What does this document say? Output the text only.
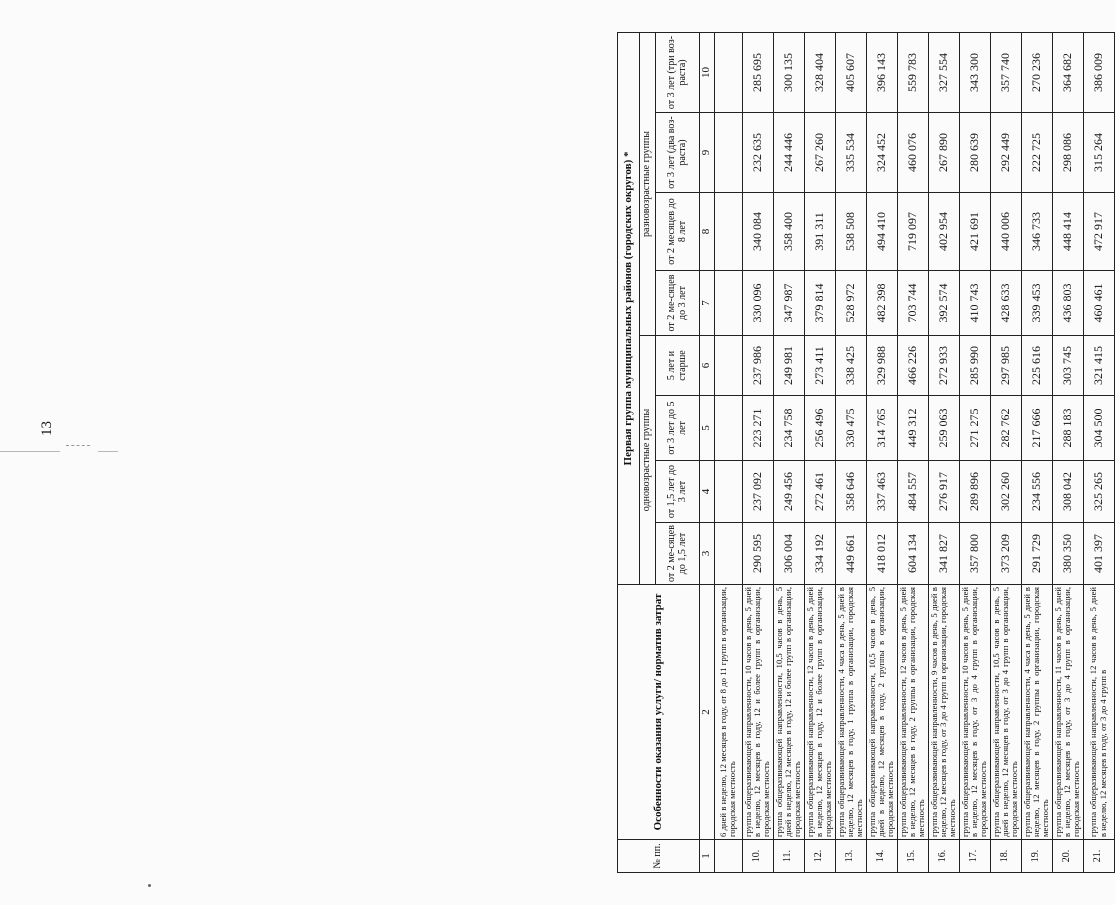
13
№ пп.	Особенности оказания услуги/ норматив затрат	Первая группа муниципальных районов (городских округов) *							
		одновозрастные группы				разновозрастные группы			
		от 2 ме-сяцев до 1,5 лет	от 1,5 лет до 3 лет	от 3 лет до 5 лет	5 лет и старше	от 2 ме-сяцев до 3 лет	от 2 месяцев до 8 лет	от 3 лет (два воз-раста)	от 3 лет (три воз-раста)
1	2	3	4	5	6	7	8	9	10
	6 дней в неделю, 12 месяцев в году, от 8 до 11 групп в организации, городская местность								
10.	группа общеразвивающей направленности, 10 часов в день, 5 дней в неделю, 12 месяцев в году, 12 и более групп в организации, городская местность	290 595	237 092	223 271	237 986	330 096	340 084	232 635	285 695
11.	группа общеразвивающей направленности, 10,5 часов в день, 5 дней в неделю, 12 месяцев в году, 12 и более групп в организации, городская местность	306 004	249 456	234 758	249 981	347 987	358 400	244 446	300 135
12.	группа общеразвивающей направленности, 12 часов в день, 5 дней в неделю, 12 месяцев в году, 12 и более групп в организации, городская местность	334 192	272 461	256 496	273 411	379 814	391 311	267 260	328 404
13.	группа общеразвивающей направленности, 4 часа в день, 5 дней в неделю, 12 месяцев в году, 1 группа в организации, городская местность	449 661	358 646	330 475	338 425	528 972	538 508	335 534	405 607
14.	группа общеразвивающей направленности, 10,5 часов в день, 5 дней в неделю, 12 месяцев в году, 2 группы в организации, городская местность	418 012	337 463	314 765	329 988	482 398	494 410	324 452	396 143
15.	группа общеразвивающей направленности, 12 часов в день, 5 дней в неделю, 12 месяцев в году, 2 группы в организации, городская местность	604 134	484 557	449 312	466 226	703 744	719 097	460 076	559 783
16.	группа общеразвивающей направленности, 9 часов в день, 5 дней в неделю, 12 месяцев в году, от 3 до 4 групп в организации, городская местность	341 827	276 917	259 063	272 933	392 574	402 954	267 890	327 554
17.	группа общеразвивающей направленности, 10 часов в день, 5 дней в неделю, 12 месяцев в году, от 3 до 4 групп в организации, городская местность	357 800	289 896	271 275	285 990	410 743	421 691	280 639	343 300
18.	группа общеразвивающей направленности, 10,5 часов в день, 5 дней в неделю, 12 месяцев в году, от 3 до 4 групп в организации, городская местность	373 209	302 260	282 762	297 985	428 633	440 006	292 449	357 740
19.	группа общеразвивающей направленности, 4 часа в день, 5 дней в неделю, 12 месяцев в году, 2 группы в организации, городская местность	291 729	234 556	217 666	225 616	339 453	346 733	222 725	270 236
20.	группа общеразвивающей направленности, 11 часов в день, 5 дней в неделю, 12 месяцев в году, от 3 до 4 групп в организации, городская местность	380 350	308 042	288 183	303 745	436 803	448 414	298 086	364 682
21.	группа общеразвивающей направленности, 12 часов в день, 5 дней в неделю, 12 месяцев в году, от 3 до 4 групп в	401 397	325 265	304 500	321 415	460 461	472 917	315 264	386 009
